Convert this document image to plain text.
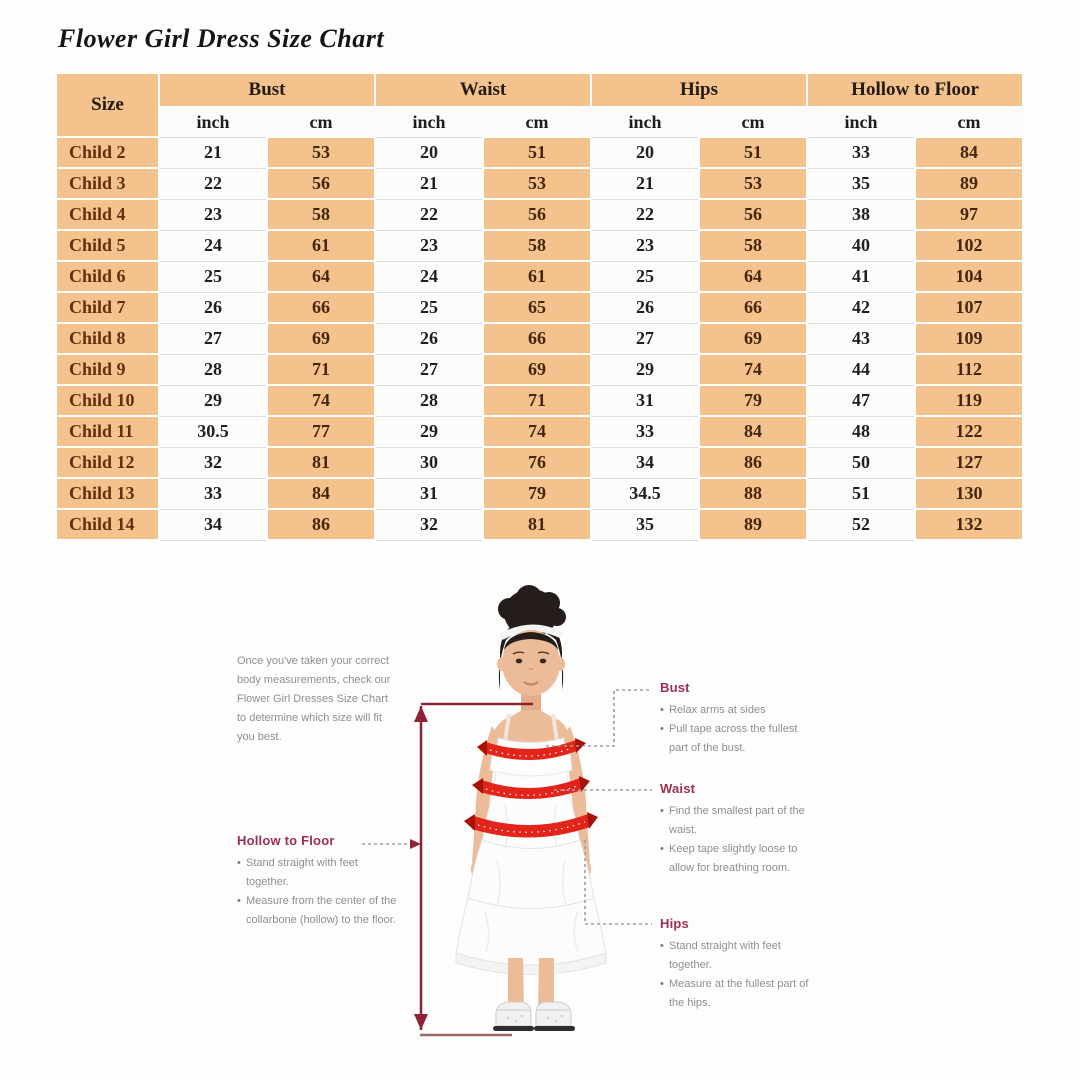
Flower Girl Dress Size Chart
Size	Bust		Waist		Hips		Hollow to Floor	
	inch	cm	inch	cm	inch	cm	inch	cm
Child 2	21	53	20	51	20	51	33	84
Child 3	22	56	21	53	21	53	35	89
Child 4	23	58	22	56	22	56	38	97
Child 5	24	61	23	58	23	58	40	102
Child 6	25	64	24	61	25	64	41	104
Child 7	26	66	25	65	26	66	42	107
Child 8	27	69	26	66	27	69	43	109
Child 9	28	71	27	69	29	74	44	112
Child 10	29	74	28	71	31	79	47	119
Child 11	30.5	77	29	74	33	84	48	122
Child 12	32	81	30	76	34	86	50	127
Child 13	33	84	31	79	34.5	88	51	130
Child 14	34	86	32	81	35	89	52	132
Once you've taken your correct body measurements, check our Flower Girl Dresses Size Chart to determine which size will fit you best.
Hollow to Floor
• Stand straight with feet together.
• Measure from the center of the collarbone (hollow) to the floor.
Bust
• Relax arms at sides
• Pull tape across the fullest part of the bust.
Waist
• Find the smallest part of the waist.
• Keep tape slightly loose to allow for breathing room.
Hips
• Stand straight with feet together.
• Measure at the fullest part of the hips.
